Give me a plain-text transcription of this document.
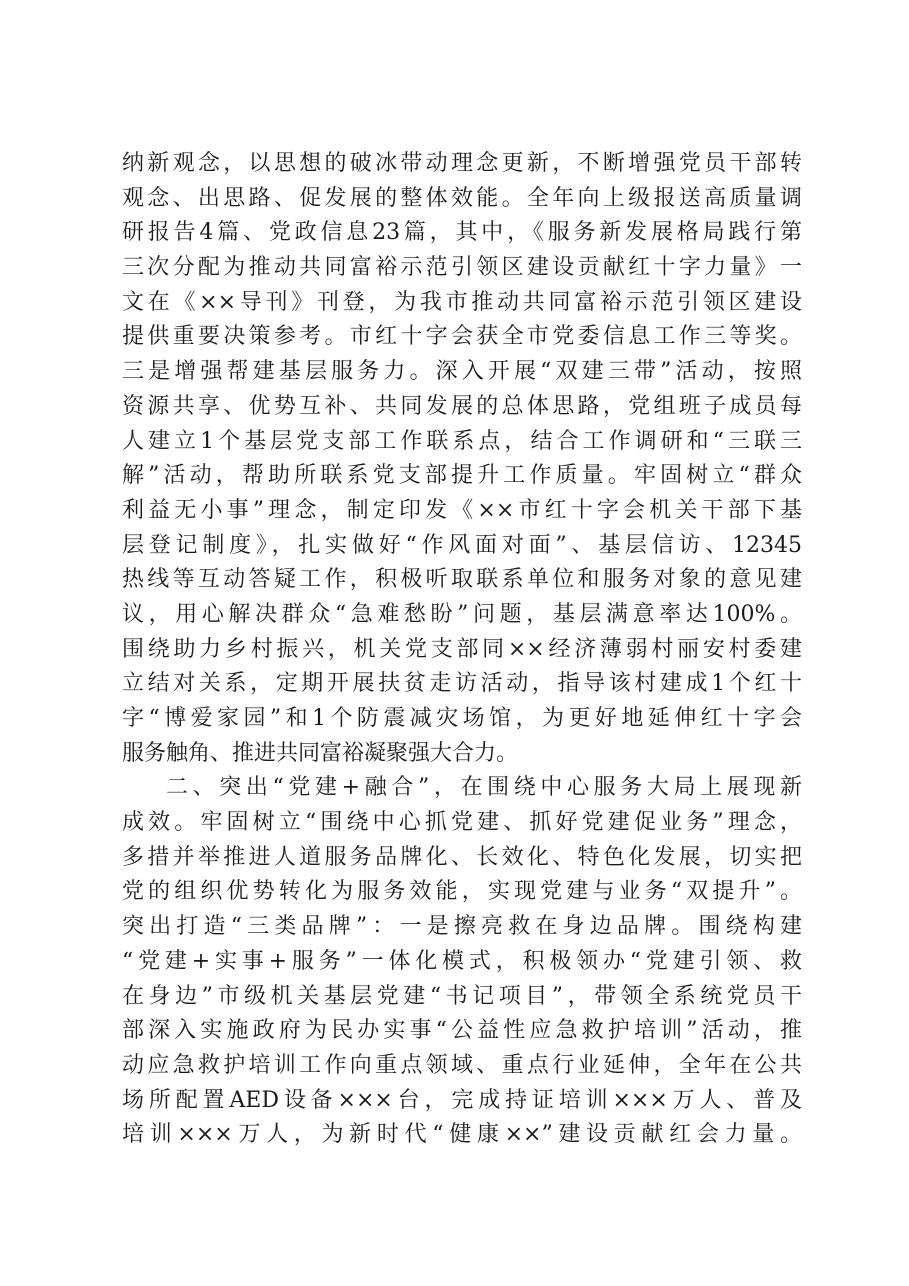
纳新观念，以思想的破冰带动理念更新，不断增强党员干部转
观念、出思路、促发展的整体效能。全年向上级报送高质量调
研报告4篇、党政信息23篇，其中，《服务新发展格局践行第
三次分配为推动共同富裕示范引领区建设贡献红十字力量》一
文在《××导刊》刊登，为我市推动共同富裕示范引领区建设
提供重要决策参考。市红十字会获全市党委信息工作三等奖。
三是增强帮建基层服务力。深入开展“双建三带”活动，按照
资源共享、优势互补、共同发展的总体思路，党组班子成员每
人建立1个基层党支部工作联系点，结合工作调研和“三联三
解”活动，帮助所联系党支部提升工作质量。牢固树立“群众
利益无小事”理念，制定印发《××市红十字会机关干部下基
层登记制度》，扎实做好“作风面对面”、基层信访、12345
热线等互动答疑工作，积极听取联系单位和服务对象的意见建
议，用心解决群众“急难愁盼”问题，基层满意率达100%。
围绕助力乡村振兴，机关党支部同××经济薄弱村丽安村委建
立结对关系，定期开展扶贫走访活动，指导该村建成1个红十
字“博爱家园”和1个防震减灾场馆，为更好地延伸红十字会
服务触角、推进共同富裕凝聚强大合力。
二、突出“党建+融合”，在围绕中心服务大局上展现新
成效。牢固树立“围绕中心抓党建、抓好党建促业务”理念，
多措并举推进人道服务品牌化、长效化、特色化发展，切实把
党的组织优势转化为服务效能，实现党建与业务“双提升”。
突出打造“三类品牌”：一是擦亮救在身边品牌。围绕构建
“党建+实事+服务”一体化模式，积极领办“党建引领、救
在身边”市级机关基层党建“书记项目”，带领全系统党员干
部深入实施政府为民办实事“公益性应急救护培训”活动，推
动应急救护培训工作向重点领域、重点行业延伸，全年在公共
场所配置AED设备×××台，完成持证培训×××万人、普及
培训×××万人，为新时代“健康××”建设贡献红会力量。
